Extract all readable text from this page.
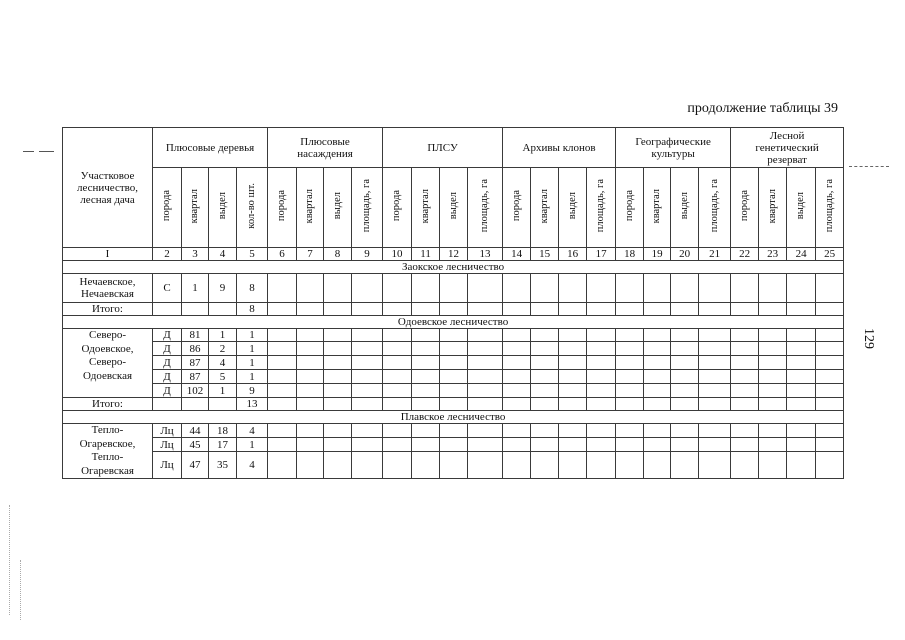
продолжение таблицы 39
129
Участковое
лесничество,
лесная дача	Плюсовые деревья				Плюсовые
насаждения				ПЛСУ				Архивы клонов				Географические
культуры				Лесной
генетический
резерват			
	порода	квартал	выдел	кол-во шт.	порода	квартал	выдел	площадь, га	порода	квартал	выдел	площадь, га	порода	квартал	выдел	площадь, га	порода	квартал	выдел	площадь, га	порода	квартал	выдел	площадь, га
I	2	3	4	5	6	7	8	9	10	11	12	13	14	15	16	17	18	19	20	21	22	23	24	25
Заокское лесничество																								
Нечаевское,
Нечаевская	С	1	9	8																				
Итого:				8																				
Одоевское лесничество																								
Северо-
Одоевское,
Северо-
Одоевская	Д	81	1	1																				
	Д	86	2	1																				
	Д	87	4	1																				
	Д	87	5	1																				
	Д	102	1	9																				
Итого:				13																				
Плавское лесничество																								
Тепло-
Огаревское,
Тепло-
Огаревская	Лц	44	18	4																				
	Лц	45	17	1																				
	Лц	47	35	4																				
